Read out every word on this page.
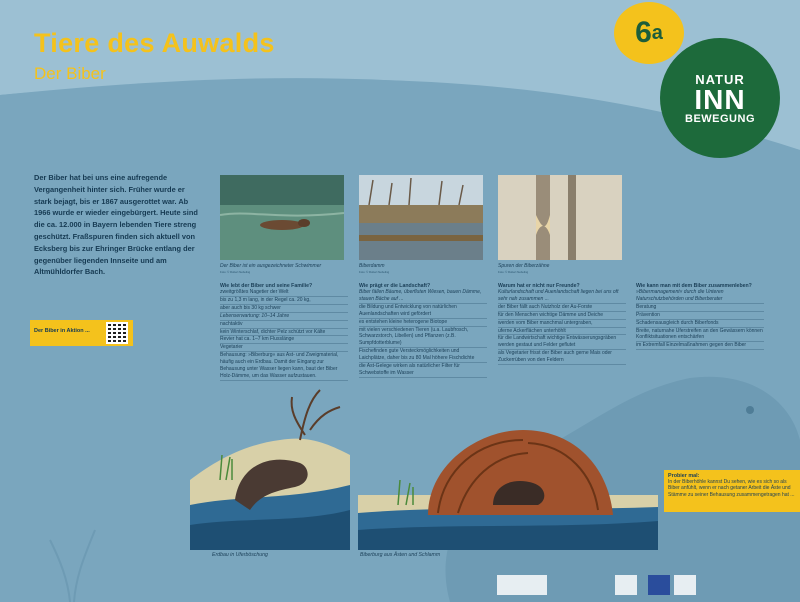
Tiere des Auwalds
Der Biber
6 a
NATUR
INN
BEWEGUNG
Der Biber hat bei uns eine aufregende Vergangenheit hinter sich. Früher wurde er stark bejagt, bis er 1867 ausgerottet war. Ab 1966 wurde er wieder eingebürgert. Heute sind die ca. 12.000 in Bayern lebenden Tiere streng geschützt. Fraßspuren finden sich aktuell von Ecksberg bis zur Ehringer Brücke entlang der gegenüber liegenden Innseite und am Altmühldorfer Bach.
Der Biber in Aktion ...
Der Biber ist ein ausgezeichneter Schwimmer
Foto: © Robert Nebeling
Biberdamm
Foto: © Robert Nebeling
Spuren der Biberzähne
Foto: © Robert Nebeling
Wie lebt der Biber und seine Familie?
zweitgrößtes Nagetier der Welt
bis zu 1,3 m lang, in der Regel ca. 20 kg,
aber auch bis 30 kg schwer
Lebenserwartung: 10–14 Jahre
nachtaktiv
kein Winterschlaf, dichter Pelz schützt vor Kälte
Revier hat ca. 1–7 km Flusslänge
Vegetarier
Behausung: »Biberburg« aus Ast- und Zweigmaterial, häufig auch ein Erdbau. Damit der Eingang zur Behausung unter Wasser liegen kann, baut der Biber Holz-Dämme, um das Wasser aufzustauen.
Wie prägt er die Landschaft?
Biber fällen Bäume, überfluten Wiesen, bauen Dämme, stauen Bäche auf ...
die Bildung und Entwicklung von natürlichen Auenlandschaften wird gefördert
es entstehen kleine heterogene Biotope
mit vielen verschiedenen Tieren (u.a. Laubfrosch, Schwarzstorch, Libellen) und Pflanzen (z.B. Sumpfdotterblume)
Fischefinden gute Versteckmöglichkeiten und Laichplätze, daher bis zu 80 Mal höhere Fischdichte
die Ast-Gelege wirken als natürlicher Filter für Schwebstoffe im Wasser
Warum hat er nicht nur Freunde?
Kulturlandschaft und Auenlandschaft liegen bei uns oft sehr nah zusammen ...
der Biber fällt auch Nutzholz der Au-Forste
für den Menschen wichtige Dämme und Deiche
werden vom Biber manchmal untergraben,
uferne Ackerflächen unterhöhlt
für die Landwirtschaft wichtige Entwässerungsgräben werden gestaut und Felder geflutet
als Vegetarier frisst der Biber auch gerne Mais oder Zuckerrüben von den Feldern
Wie kann man mit dem Biber zusammenleben?
»Bibermanagement« durch die Unteren Naturschutzbehörden und Biberberater
Beratung
Prävention
Schadensausgleich durch Biberfonds
Breite, naturnahe Uferstreifen an den Gewässern können Konfliktsituationen entschärfen
im Extremfall Einzelmaßnahmen gegen den Biber
Erdbau in Uferböschung	Biberburg aus Ästen und Schlamm
Probier mal:
In der Biberhöhle kannst Du sehen, wie es sich so als Biber anfühlt, wenn er nach getaner Arbeit die Äste und Stämme zu seiner Behausung zusammengetragen hat ...
